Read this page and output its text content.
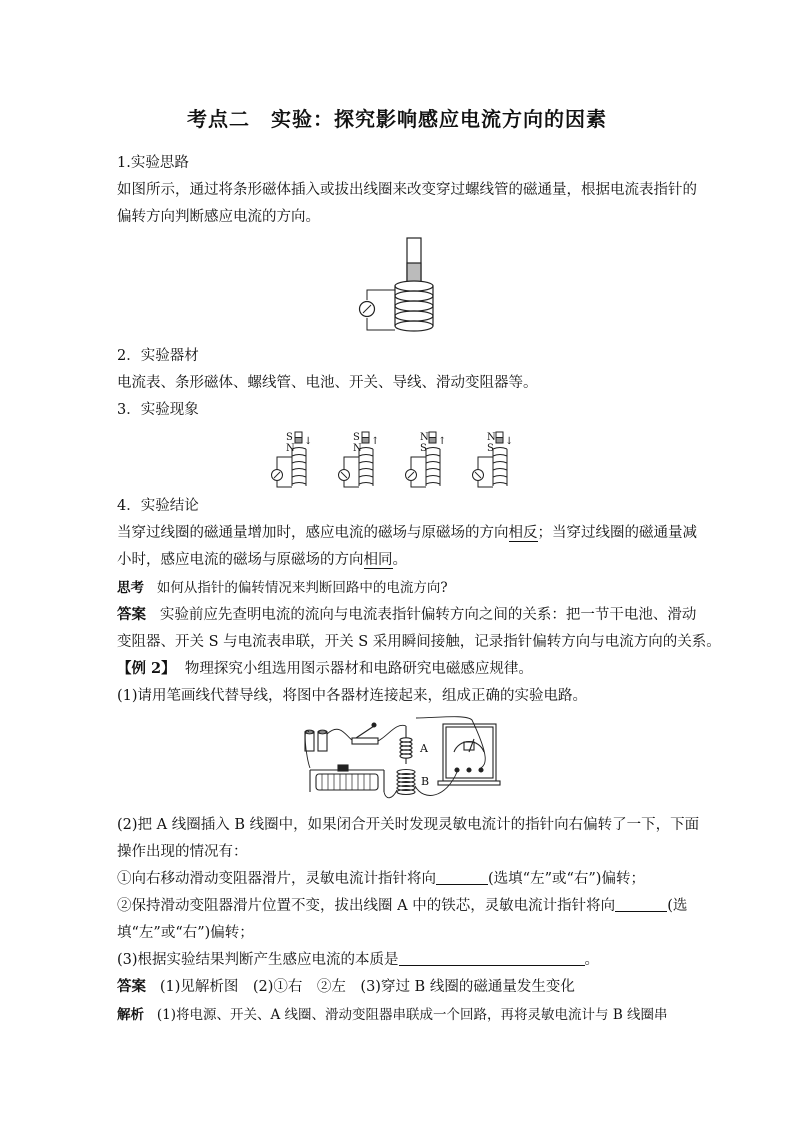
考点二　实验：探究影响感应电流方向的因素
1.实验思路
如图所示，通过将条形磁体插入或拔出线圈来改变穿过螺线管的磁通量，根据电流表指针的
偏转方向判断感应电流的方向。
2．实验器材
电流表、条形磁体、螺线管、电池、开关、导线、滑动变阻器等。
3．实验现象
S
N
↓	S
N
↑	N
S
↑	N
S
↓
4．实验结论
当穿过线圈的磁通量增加时，感应电流的磁场与原磁场的方向相反；当穿过线圈的磁通量减
小时，感应电流的磁场与原磁场的方向相同。
思考 如何从指针的偏转情况来判断回路中的电流方向?
答案 实验前应先查明电流的流向与电流表指针偏转方向之间的关系：把一节干电池、滑动
变阻器、开关 S 与电流表串联，开关 S 采用瞬间接触，记录指针偏转方向与电流方向的关系。
【例 2】 物理探究小组选用图示器材和电路研究电磁感应规律。
(1)请用笔画线代替导线，将图中各器材连接起来，组成正确的实验电路。
A
B
(2)把 A 线圈插入 B 线圈中，如果闭合开关时发现灵敏电流计的指针向右偏转了一下，下面
操作出现的情况有：
①向右移动滑动变阻器滑片，灵敏电流计指针将向	(选填“左”或“右”)偏转；
②保持滑动变阻器滑片位置不变，拔出线圈 A 中的铁芯，灵敏电流计指针将向	(选
填“左”或“右”)偏转；
(3)根据实验结果判断产生感应电流的本质是	。
答案 (1)见解析图　(2)①右　②左　(3)穿过 B 线圈的磁通量发生变化
解析 (1)将电源、开关、A 线圈、滑动变阻器串联成一个回路，再将灵敏电流计与 B 线圈串
